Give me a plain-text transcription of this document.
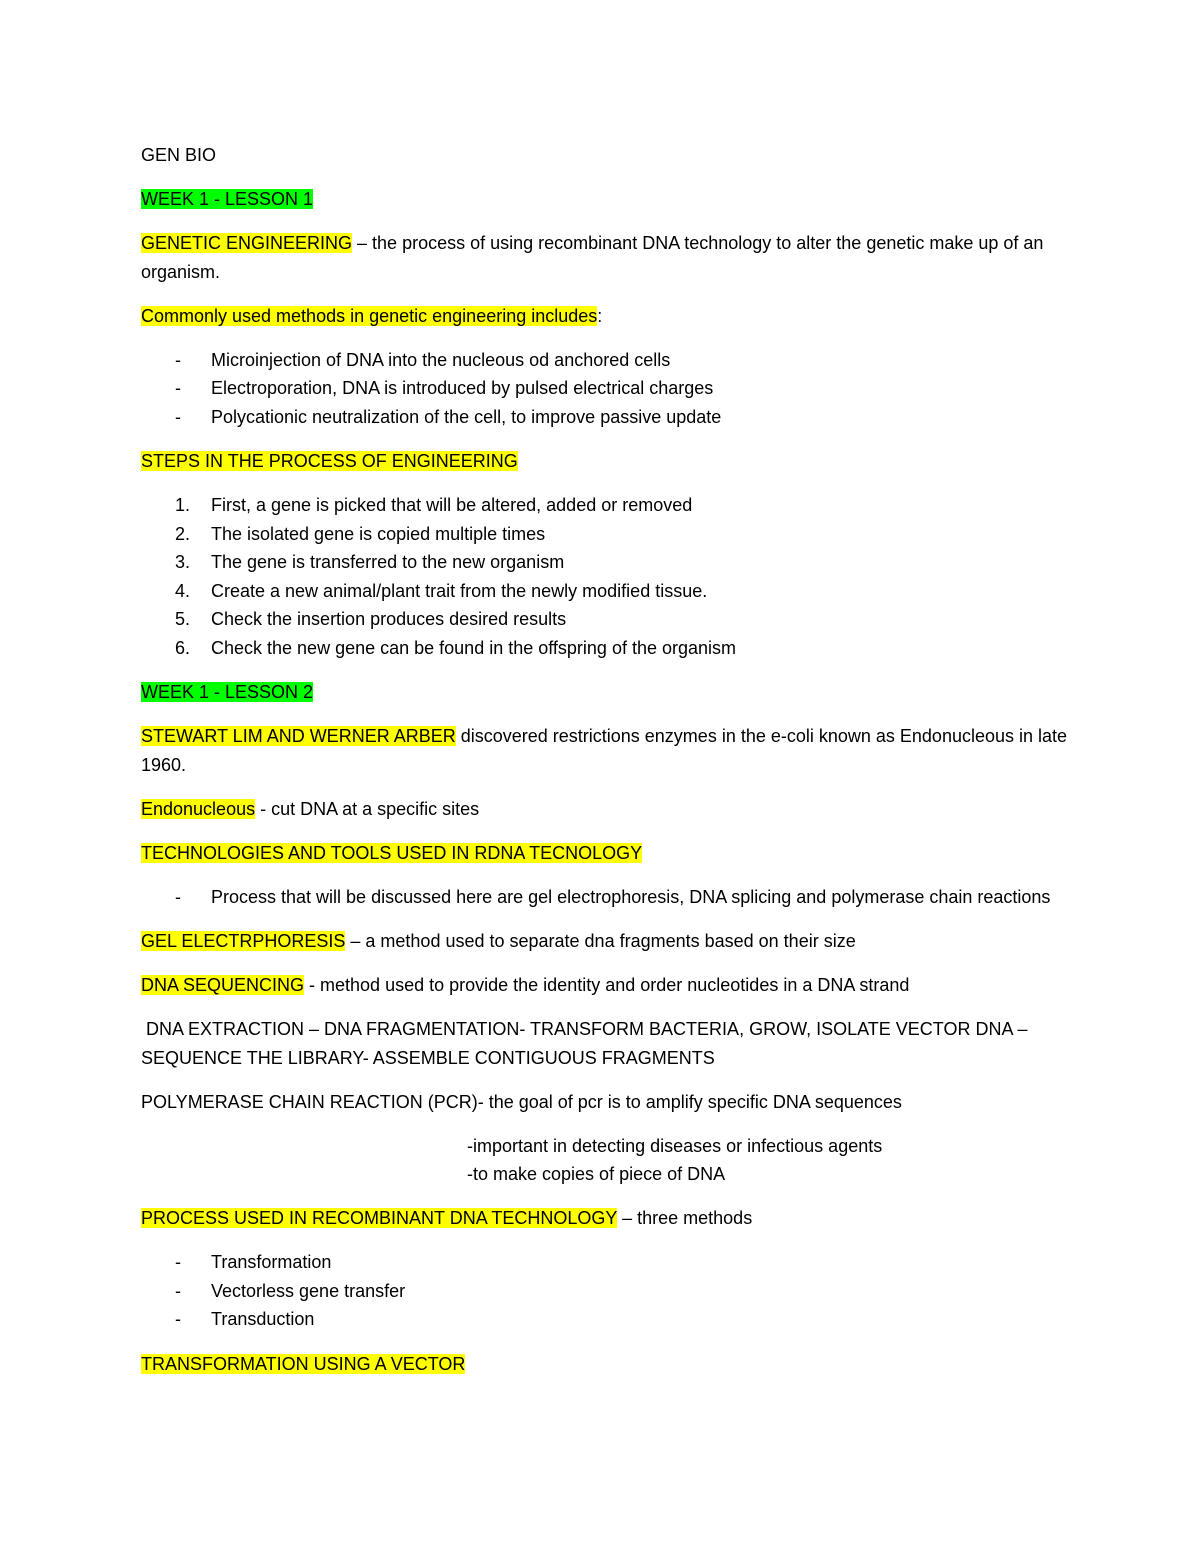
GEN BIO

WEEK 1 - LESSON 1

GENETIC ENGINEERING – the process of using recombinant DNA technology to alter the genetic make up of an organism.

Commonly used methods in genetic engineering includes:

- Microinjection of DNA into the nucleous od anchored cells
- Electroporation, DNA is introduced by pulsed electrical charges
- Polycationic neutralization of the cell, to improve passive update

STEPS IN THE PROCESS OF ENGINEERING

1. First, a gene is picked that will be altered, added or removed
2. The isolated gene is copied multiple times
3. The gene is transferred to the new organism
4. Create a new animal/plant trait from the newly modified tissue.
5. Check the insertion produces desired results
6. Check the new gene can be found in the offspring of the organism

WEEK 1 - LESSON 2

STEWART LIM AND WERNER ARBER discovered restrictions enzymes in the e-coli known as Endonucleous in late 1960.

Endonucleous - cut DNA at a specific sites

TECHNOLOGIES AND TOOLS USED IN RDNA TECNOLOGY

- Process that will be discussed here are gel electrophoresis, DNA splicing and polymerase chain reactions

GEL ELECTRPHORESIS – a method used to separate dna fragments based on their size

DNA SEQUENCING - method used to provide the identity and order nucleotides in a DNA strand

DNA EXTRACTION – DNA FRAGMENTATION- TRANSFORM BACTERIA, GROW, ISOLATE VECTOR DNA – SEQUENCE THE LIBRARY- ASSEMBLE CONTIGUOUS FRAGMENTS

POLYMERASE CHAIN REACTION (PCR)- the goal of pcr is to amplify specific DNA sequences

-important in detecting diseases or infectious agents

-to make copies of piece of DNA

PROCESS USED IN RECOMBINANT DNA TECHNOLOGY – three methods

- Transformation
- Vectorless gene transfer
- Transduction

TRANSFORMATION USING A VECTOR
